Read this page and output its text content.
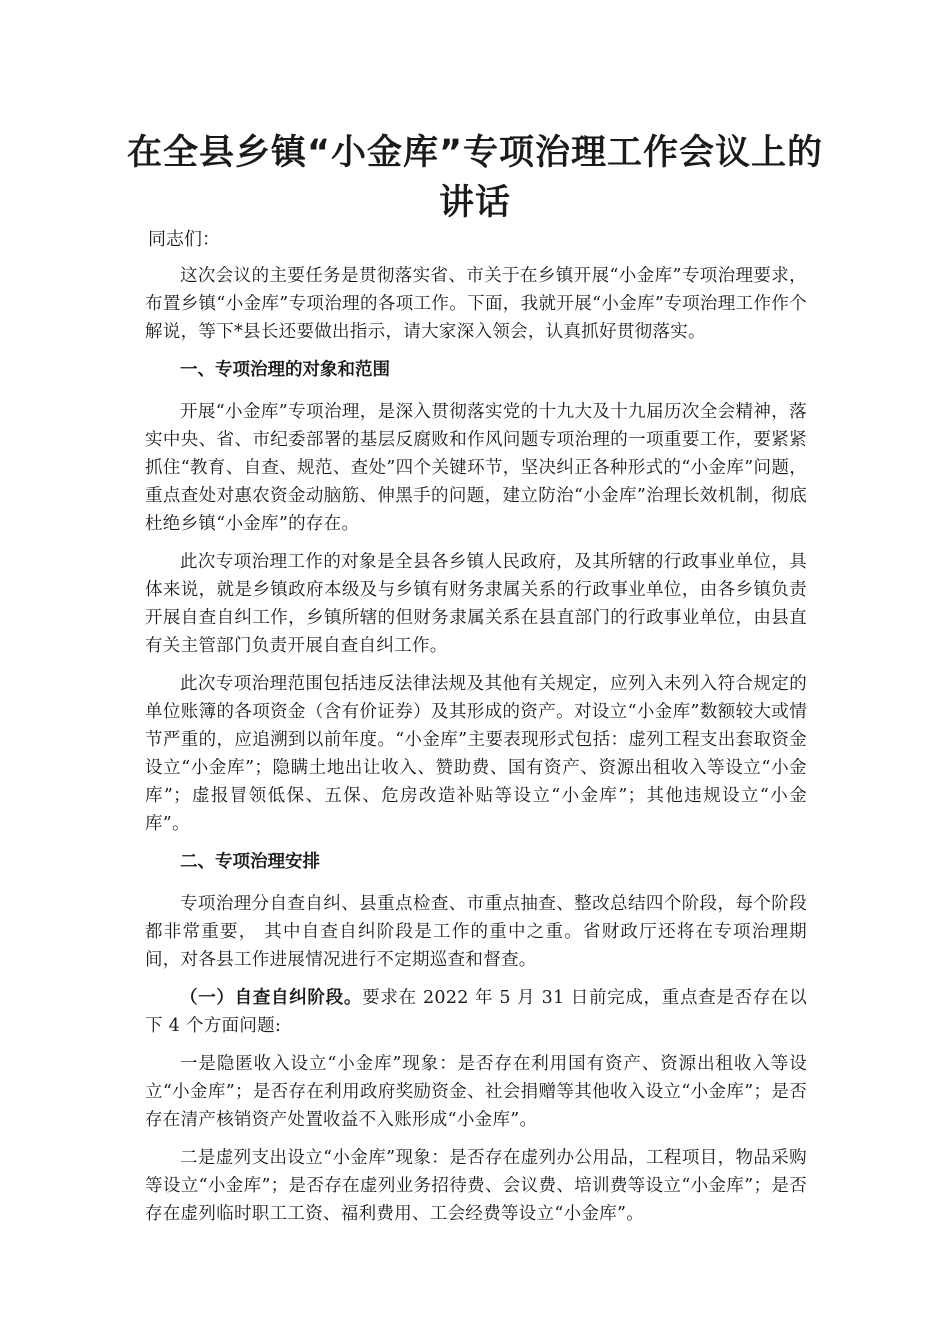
在全县乡镇“小金库”专项治理工作会议上的讲话
同志们：

这次会议的主要任务是贯彻落实省、市关于在乡镇开展“小金库”专项治理要求，布置乡镇“小金库”专项治理的各项工作。下面，我就开展“小金库”专项治理工作作个解说，等下*县长还要做出指示，请大家深入领会，认真抓好贯彻落实。

一、专项治理的对象和范围

开展“小金库”专项治理，是深入贯彻落实党的十九大及十九届历次全会精神，落实中央、省、市纪委部署的基层反腐败和作风问题专项治理的一项重要工作，要紧紧抓住“教育、自查、规范、查处”四个关键环节，坚决纠正各种形式的“小金库”问题，重点查处对惠农资金动脑筋、伸黑手的问题，建立防治“小金库”治理长效机制，彻底杜绝乡镇“小金库”的存在。

此次专项治理工作的对象是全县各乡镇人民政府，及其所辖的行政事业单位，具体来说，就是乡镇政府本级及与乡镇有财务隶属关系的行政事业单位，由各乡镇负责开展自查自纠工作，乡镇所辖的但财务隶属关系在县直部门的行政事业单位，由县直有关主管部门负责开展自查自纠工作。

此次专项治理范围包括违反法律法规及其他有关规定，应列入未列入符合规定的单位账簿的各项资金（含有价证券）及其形成的资产。对设立“小金库”数额较大或情节严重的，应追溯到以前年度。“小金库”主要表现形式包括：虚列工程支出套取资金设立“小金库”；隐瞒土地出让收入、赞助费、国有资产、资源出租收入等设立“小金库”；虚报冒领低保、五保、危房改造补贴等设立“小金库”；其他违规设立“小金库”。

二、专项治理安排

专项治理分自查自纠、县重点检查、市重点抽查、整改总结四个阶段，每个阶段都非常重要， 其中自查自纠阶段是工作的重中之重。省财政厅还将在专项治理期间，对各县工作进展情况进行不定期巡查和督查。

（一）自查自纠阶段。要求在 2022 年 5 月 31 日前完成，重点查是否存在以下 4 个方面问题:

一是隐匿收入设立“小金库”现象：是否存在利用国有资产、资源出租收入等设立“小金库”；是否存在利用政府奖励资金、社会捐赠等其他收入设立“小金库”；是否存在清产核销资产处置收益不入账形成“小金库”。

二是虚列支出设立“小金库”现象：是否存在虚列办公用品，工程项目，物品采购等设立“小金库”；是否存在虚列业务招待费、会议费、培训费等设立“小金库”；是否存在虚列临时职工工资、福利费用、工会经费等设立“小金库”。
